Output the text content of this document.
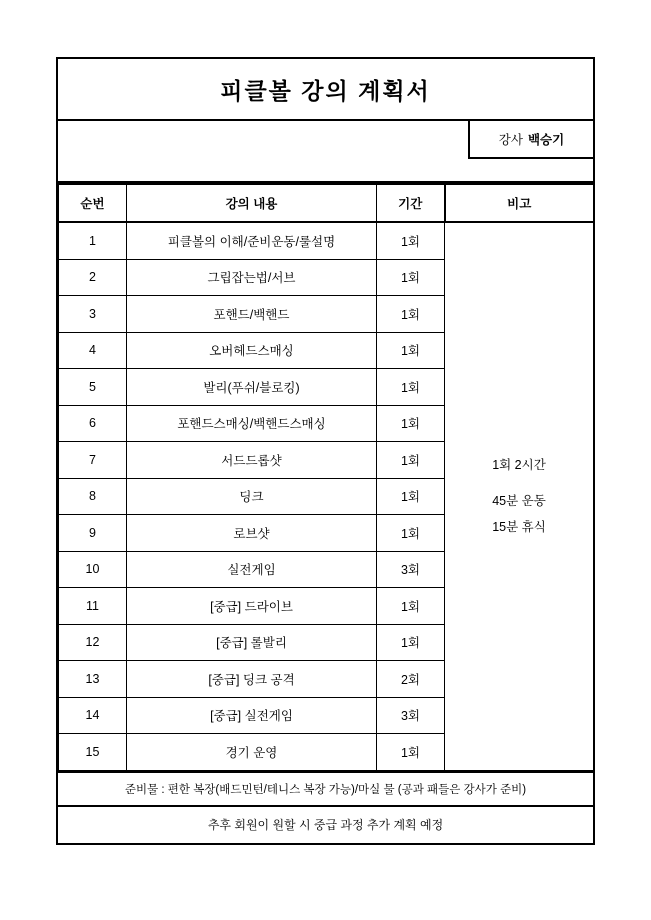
피클볼 강의 계획서
강사 백승기
순번	강의 내용	기간	비고
1	피클볼의 이해/준비운동/룰설명	1회	1회 2시간
45분 운동
15분 휴식

2	그립잡는법/서브	1회	
3	포핸드/백핸드	1회	
4	오버헤드스매싱	1회	
5	발리(푸쉬/블로킹)	1회	
6	포핸드스매싱/백핸드스매싱	1회	
7	서드드롭샷	1회	
8	딩크	1회	
9	로브샷	1회	
10	실전게임	3회	
11	[중급] 드라이브	1회	
12	[중급] 롤발리	1회	
13	[중급] 딩크 공격	2회	
14	[중급] 실전게임	3회	
15	경기 운영	1회	
준비물 : 편한 복장(배드민턴/테니스 복장 가능)/마실 물 (공과 패들은 강사가 준비)
추후 회원이 원할 시 중급 과정 추가 계획 예정
